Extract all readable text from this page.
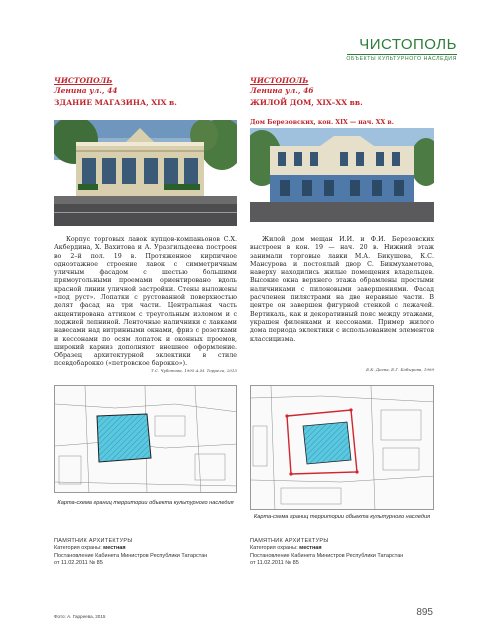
ЧИСТОПОЛЬ
ОБЪЕКТЫ КУЛЬТУРНОГО НАСЛЕДИЯ
ЧИСТОПОЛЬ
Ленина ул., 44
ЗДАНИЕ МАГАЗИНА, XIX в.
ЧИСТОПОЛЬ
Ленина ул., 46
ЖИЛОЙ ДОМ, XIX–XX вв.
Дом Березовских, кон. XIX — нач. XX в.
Корпус торговых лавок купцов-компаньонов С.Х. Акбердина, Х. Вахитова и А. Уразгильдеева построен во 2–й пол. 19 в. Протяженное кирпичное одноэтажное строение лавок с симметричным уличным фасадом с шестью большими прямоугольными проемами ориентировано вдоль красной линии уличной застройки. Стены выложены «под руст». Лопатки с рустованной поверхностью делят фасад на три части. Центральная часть акцентирована аттиком с треугольным изломом и с лоджией лепниной. Ленточные наличники с лавками навесами над витринными окнами, фриз с розетками и кессонами по осям лопаток и оконных проемов, широкий карниз дополняют внешнее оформление. Образец архитектурной эклектики в стиле псевдобарокко («петровское барокко»).
Жилой дом мещан И.И. и Ф.И. Березовских выстроен в кон. 19 — нач. 20 в. Нижний этаж занимали торговые лавки М.А. Бикушева, К.С. Мансурова и постоялый двор С. Бикмухаметова, наверху находились жилые помещения владельцев. Высокие окна верхнего этажа обрамлены простыми наличниками с пилоновыми завершениями. Фасад расчленен пилястрами на две неравные части. В центре он завершен фигурной стенкой с лежачей. Вертикаль, как и декоративный пояс между этажами, украшен филенками и кессонами. Пример жилого дома периода эклектики с использованием элементов классицизма.
Т.С. Чуботова, 1995 А.М. Торрели, 2015	Е.К. Деева, Е.Г. Бобырова, 1999
Карта-схема границ территории объекта культурного наследия
Карта-схема границ территории объекта культурного наследия
ПАМЯТНИК АРХИТЕКТУРЫ
Категория охраны: местная
Постановление Кабинета Министров Республики Татарстан
от 11.02.2011 № 85
ПАМЯТНИК АРХИТЕКТУРЫ
Категория охраны: местная
Постановление Кабинета Министров Республики Татарстан
от 11.02.2011 № 85
Фото: А. Гарреева, 2015	895
